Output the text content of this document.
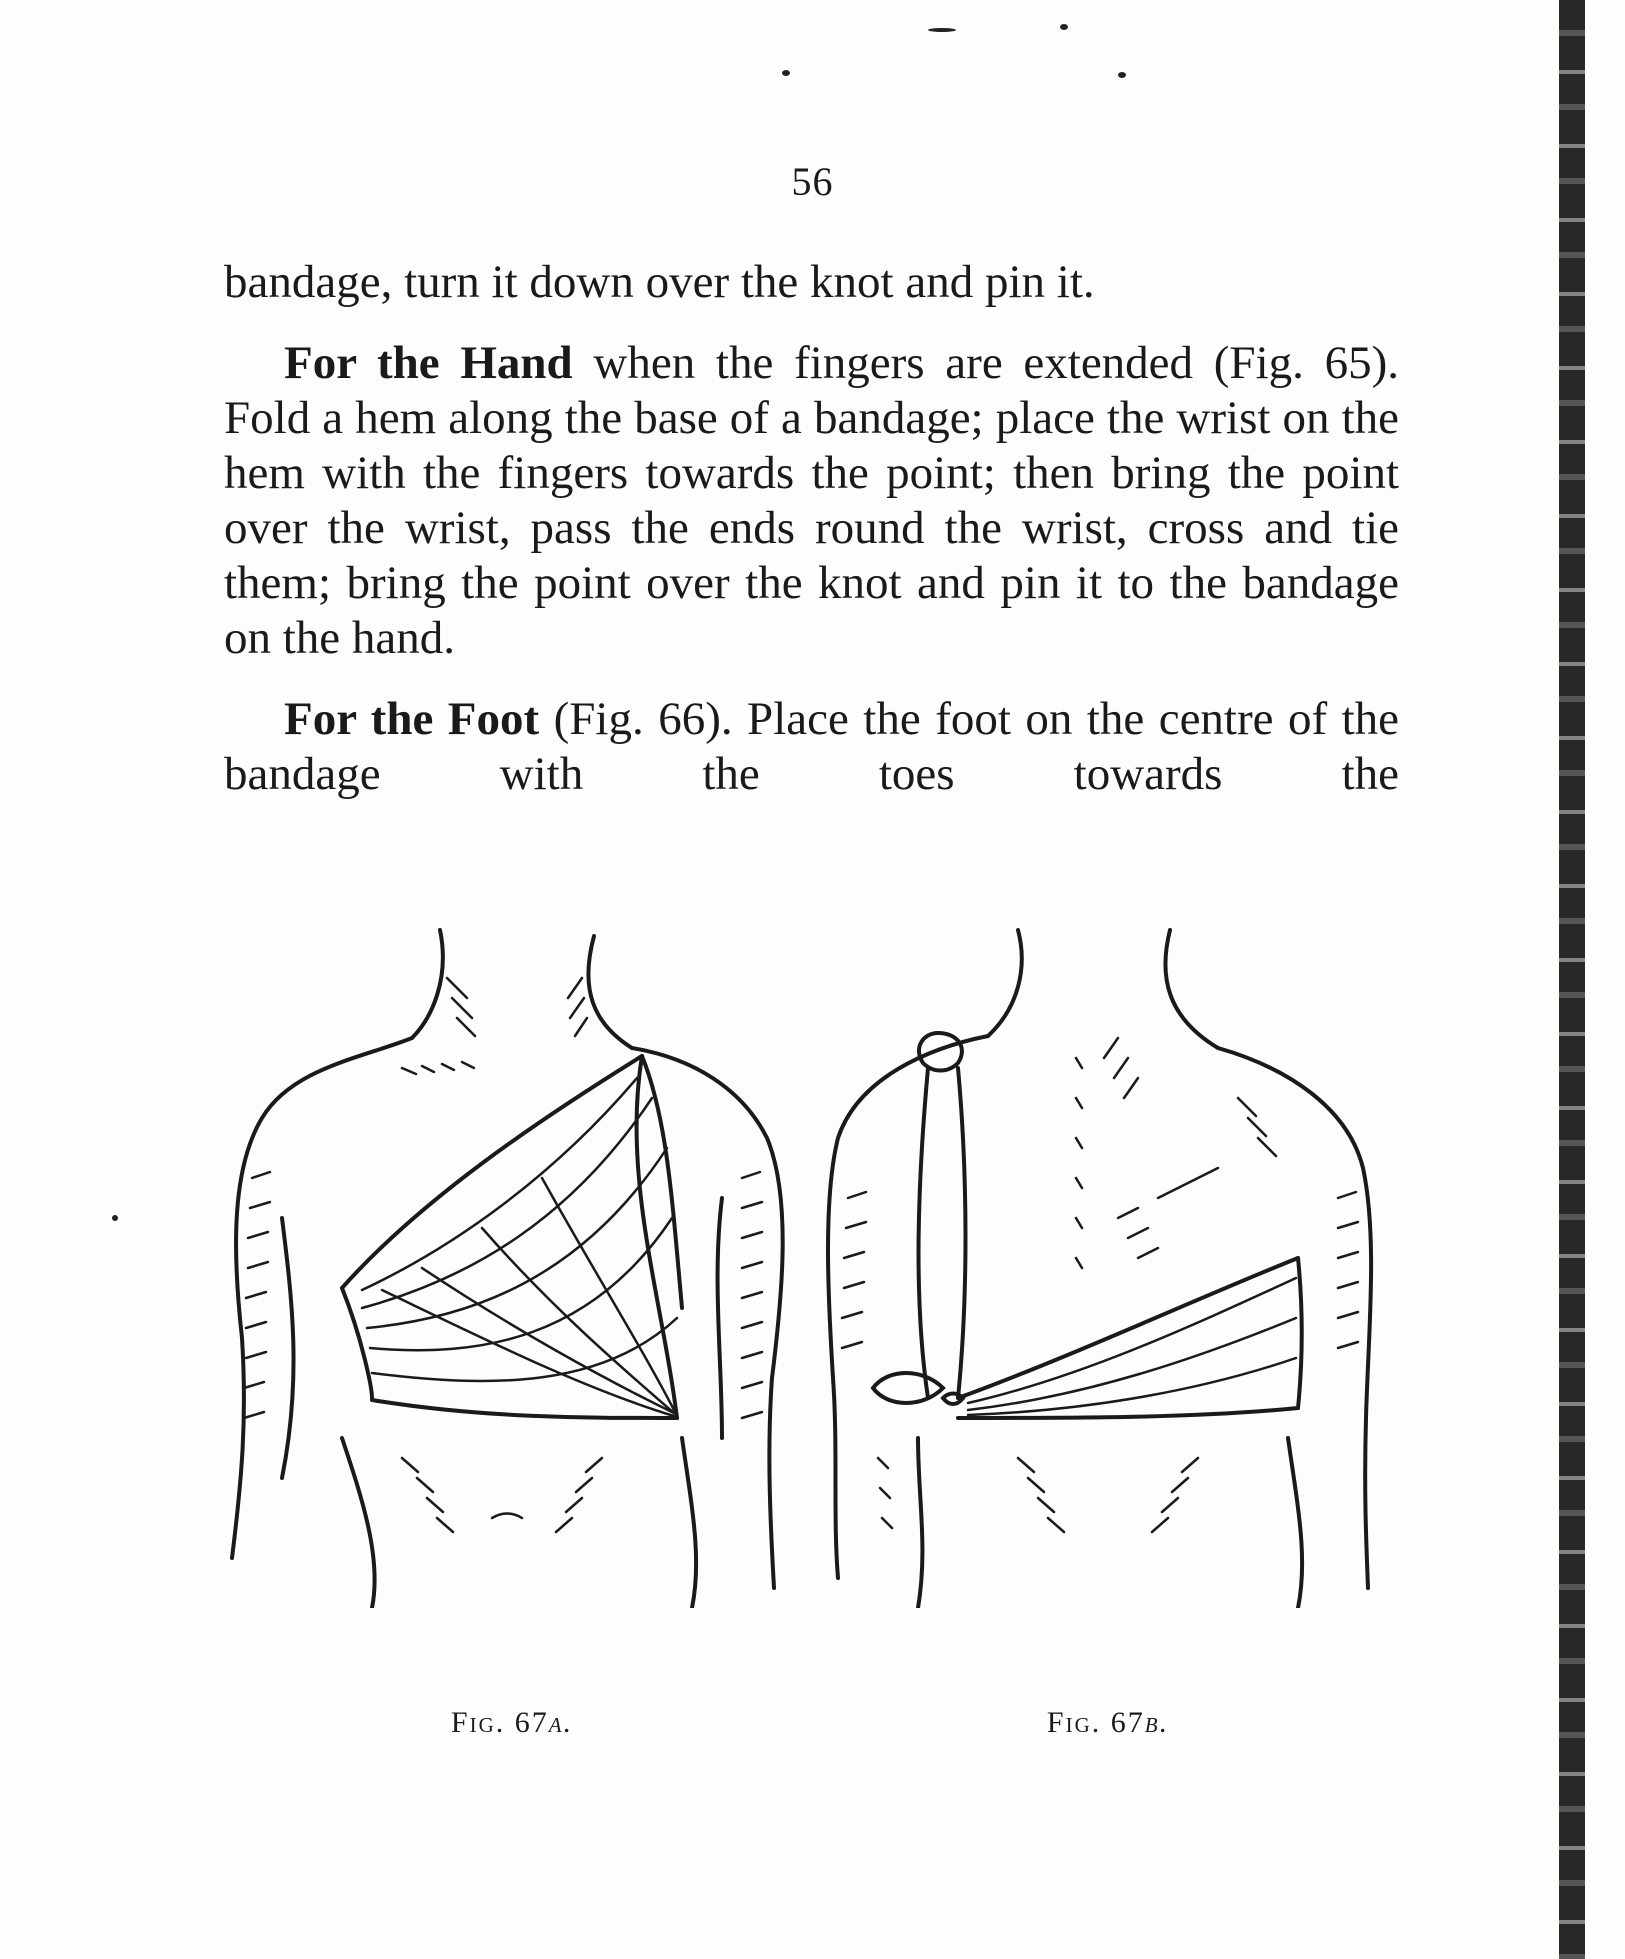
56

bandage, turn it down over the knot and pin it.

For the Hand when the fingers are extended (Fig. 65). Fold a hem along the base of a bandage; place the wrist on the hem with the fingers towards the point; then bring the point over the wrist, pass the ends round the wrist, cross and tie them; bring the point over the knot and pin it to the bandage on the hand.

For the Foot (Fig. 66). Place the foot on the centre of the bandage with the toes towards the

Fig. 67a.	Fig. 67b.
